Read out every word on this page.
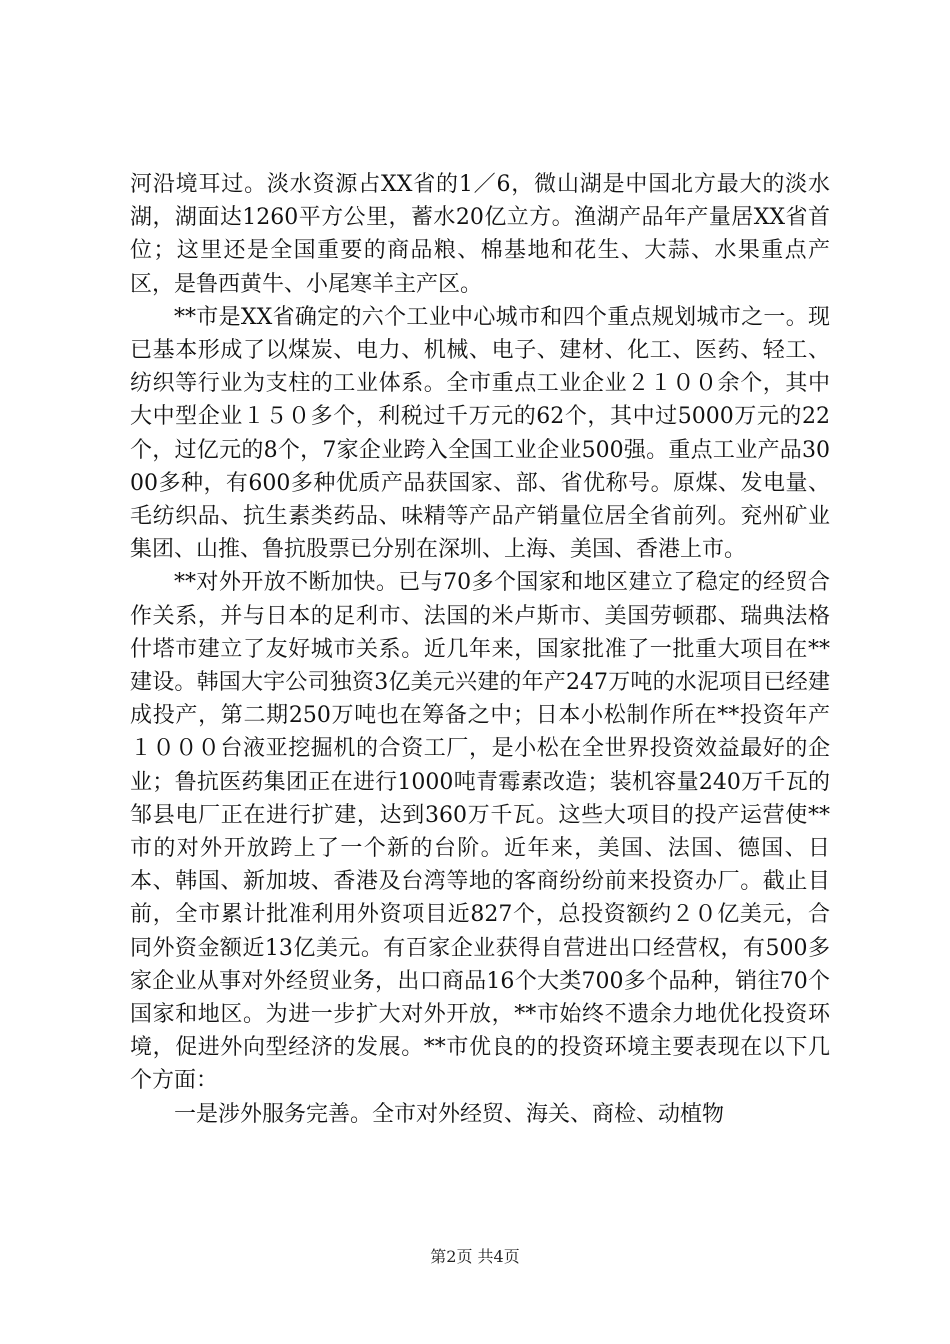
河沿境耳过。淡水资源占XX省的1／6，微山湖是中国北方最大的淡水湖，湖面达1260平方公里，蓄水20亿立方。渔湖产品年产量居XX省首位；这里还是全国重要的商品粮、棉基地和花生、大蒜、水果重点产区，是鲁西黄牛、小尾寒羊主产区。

**市是XX省确定的六个工业中心城市和四个重点规划城市之一。现已基本形成了以煤炭、电力、机械、电子、建材、化工、医药、轻工、纺织等行业为支柱的工业体系。全市重点工业企业２１００余个，其中大中型企业１５０多个，利税过千万元的62个，其中过5000万元的22个，过亿元的8个，7家企业跨入全国工业企业500强。重点工业产品3000多种，有600多种优质产品获国家、部、省优称号。原煤、发电量、毛纺织品、抗生素类药品、味精等产品产销量位居全省前列。兖州矿业集团、山推、鲁抗股票已分别在深圳、上海、美国、香港上市。

**对外开放不断加快。已与70多个国家和地区建立了稳定的经贸合作关系，并与日本的足利市、法国的米卢斯市、美国劳顿郡、瑞典法格什塔市建立了友好城市关系。近几年来，国家批准了一批重大项目在**建设。韩国大宇公司独资3亿美元兴建的年产247万吨的水泥项目已经建成投产，第二期250万吨也在筹备之中；日本小松制作所在**投资年产１０００台液亚挖掘机的合资工厂，是小松在全世界投资效益最好的企业；鲁抗医药集团正在进行1000吨青霉素改造；装机容量240万千瓦的邹县电厂正在进行扩建，达到360万千瓦。这些大项目的投产运营使**市的对外开放跨上了一个新的台阶。近年来，美国、法国、德国、日本、韩国、新加坡、香港及台湾等地的客商纷纷前来投资办厂。截止目前，全市累计批准利用外资项目近827个，总投资额约２０亿美元，合同外资金额近13亿美元。有百家企业获得自营进出口经营权，有500多家企业从事对外经贸业务，出口商品16个大类700多个品种，销往70个国家和地区。为进一步扩大对外开放，**市始终不遗余力地优化投资环境，促进外向型经济的发展。**市优良的的投资环境主要表现在以下几个方面：

一是涉外服务完善。全市对外经贸、海关、商检、动植物

第2页 共4页
